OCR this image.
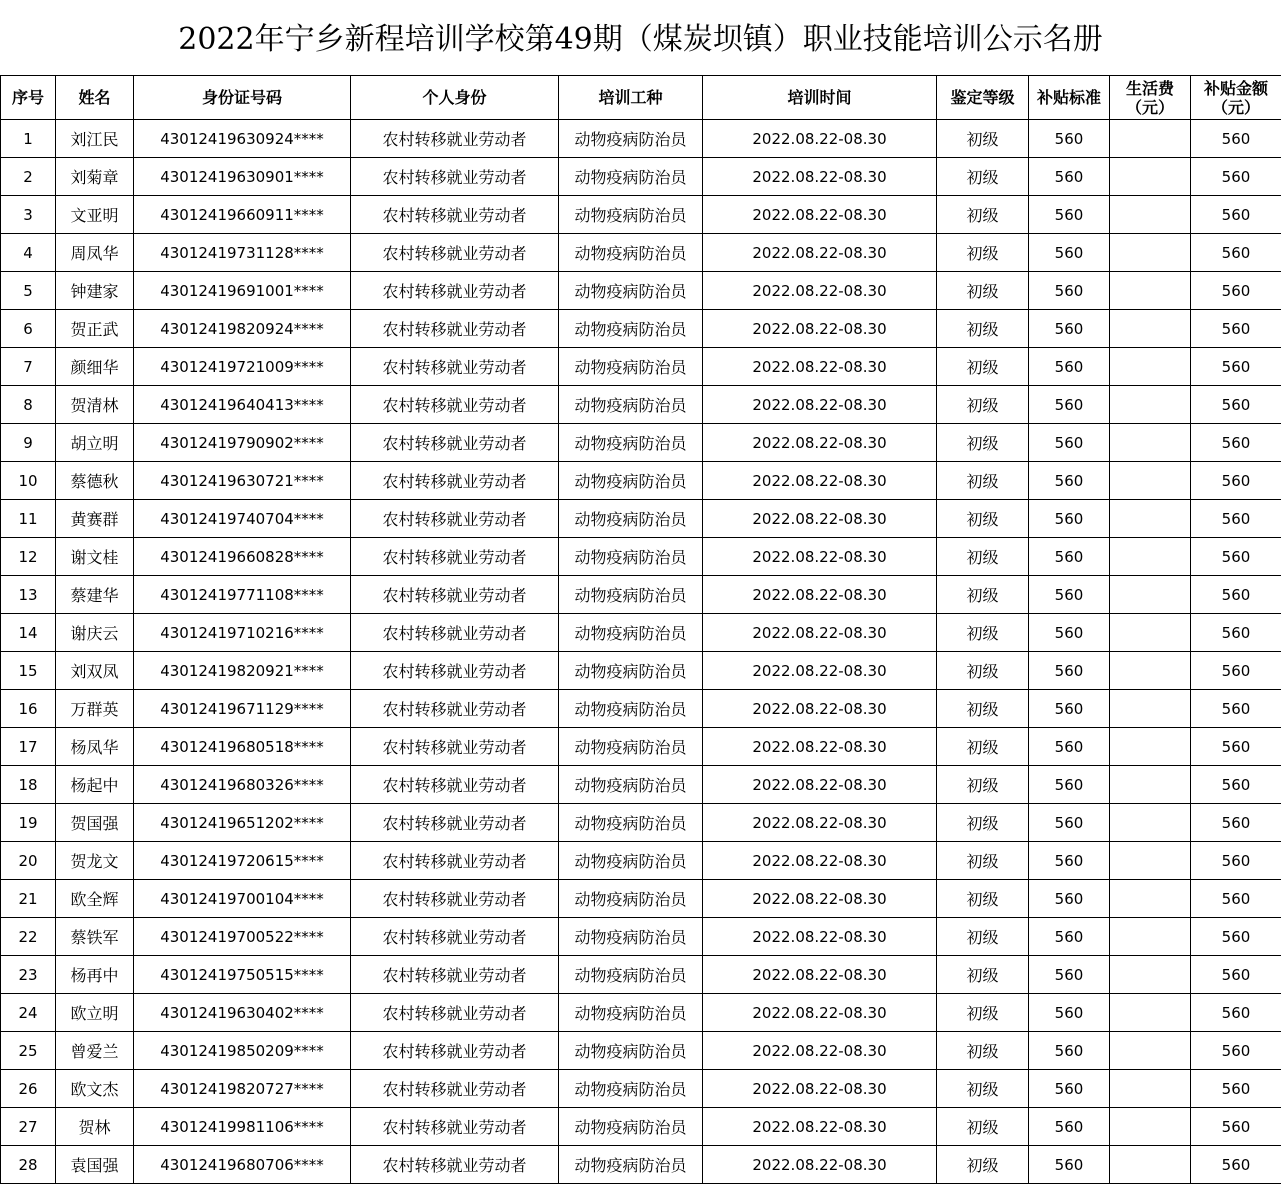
2022年宁乡新程培训学校第49期（煤炭坝镇）职业技能培训公示名册
序号	姓名	身份证号码	个人身份	培训工种	培训时间	鉴定等级	补贴标准	生活费（元）	补贴金额（元）
1	刘江民	43012419630924****	农村转移就业劳动者	动物疫病防治员	2022.08.22-08.30	初级	560		560
2	刘菊章	43012419630901****	农村转移就业劳动者	动物疫病防治员	2022.08.22-08.30	初级	560		560
3	文亚明	43012419660911****	农村转移就业劳动者	动物疫病防治员	2022.08.22-08.30	初级	560		560
4	周凤华	43012419731128****	农村转移就业劳动者	动物疫病防治员	2022.08.22-08.30	初级	560		560
5	钟建家	43012419691001****	农村转移就业劳动者	动物疫病防治员	2022.08.22-08.30	初级	560		560
6	贺正武	43012419820924****	农村转移就业劳动者	动物疫病防治员	2022.08.22-08.30	初级	560		560
7	颜细华	43012419721009****	农村转移就业劳动者	动物疫病防治员	2022.08.22-08.30	初级	560		560
8	贺清林	43012419640413****	农村转移就业劳动者	动物疫病防治员	2022.08.22-08.30	初级	560		560
9	胡立明	43012419790902****	农村转移就业劳动者	动物疫病防治员	2022.08.22-08.30	初级	560		560
10	蔡德秋	43012419630721****	农村转移就业劳动者	动物疫病防治员	2022.08.22-08.30	初级	560		560
11	黄赛群	43012419740704****	农村转移就业劳动者	动物疫病防治员	2022.08.22-08.30	初级	560		560
12	谢文桂	43012419660828****	农村转移就业劳动者	动物疫病防治员	2022.08.22-08.30	初级	560		560
13	蔡建华	43012419771108****	农村转移就业劳动者	动物疫病防治员	2022.08.22-08.30	初级	560		560
14	谢庆云	43012419710216****	农村转移就业劳动者	动物疫病防治员	2022.08.22-08.30	初级	560		560
15	刘双凤	43012419820921****	农村转移就业劳动者	动物疫病防治员	2022.08.22-08.30	初级	560		560
16	万群英	43012419671129****	农村转移就业劳动者	动物疫病防治员	2022.08.22-08.30	初级	560		560
17	杨凤华	43012419680518****	农村转移就业劳动者	动物疫病防治员	2022.08.22-08.30	初级	560		560
18	杨起中	43012419680326****	农村转移就业劳动者	动物疫病防治员	2022.08.22-08.30	初级	560		560
19	贺国强	43012419651202****	农村转移就业劳动者	动物疫病防治员	2022.08.22-08.30	初级	560		560
20	贺龙文	43012419720615****	农村转移就业劳动者	动物疫病防治员	2022.08.22-08.30	初级	560		560
21	欧全辉	43012419700104****	农村转移就业劳动者	动物疫病防治员	2022.08.22-08.30	初级	560		560
22	蔡铁军	43012419700522****	农村转移就业劳动者	动物疫病防治员	2022.08.22-08.30	初级	560		560
23	杨再中	43012419750515****	农村转移就业劳动者	动物疫病防治员	2022.08.22-08.30	初级	560		560
24	欧立明	43012419630402****	农村转移就业劳动者	动物疫病防治员	2022.08.22-08.30	初级	560		560
25	曾爱兰	43012419850209****	农村转移就业劳动者	动物疫病防治员	2022.08.22-08.30	初级	560		560
26	欧文杰	43012419820727****	农村转移就业劳动者	动物疫病防治员	2022.08.22-08.30	初级	560		560
27	贺林	43012419981106****	农村转移就业劳动者	动物疫病防治员	2022.08.22-08.30	初级	560		560
28	袁国强	43012419680706****	农村转移就业劳动者	动物疫病防治员	2022.08.22-08.30	初级	560		560
